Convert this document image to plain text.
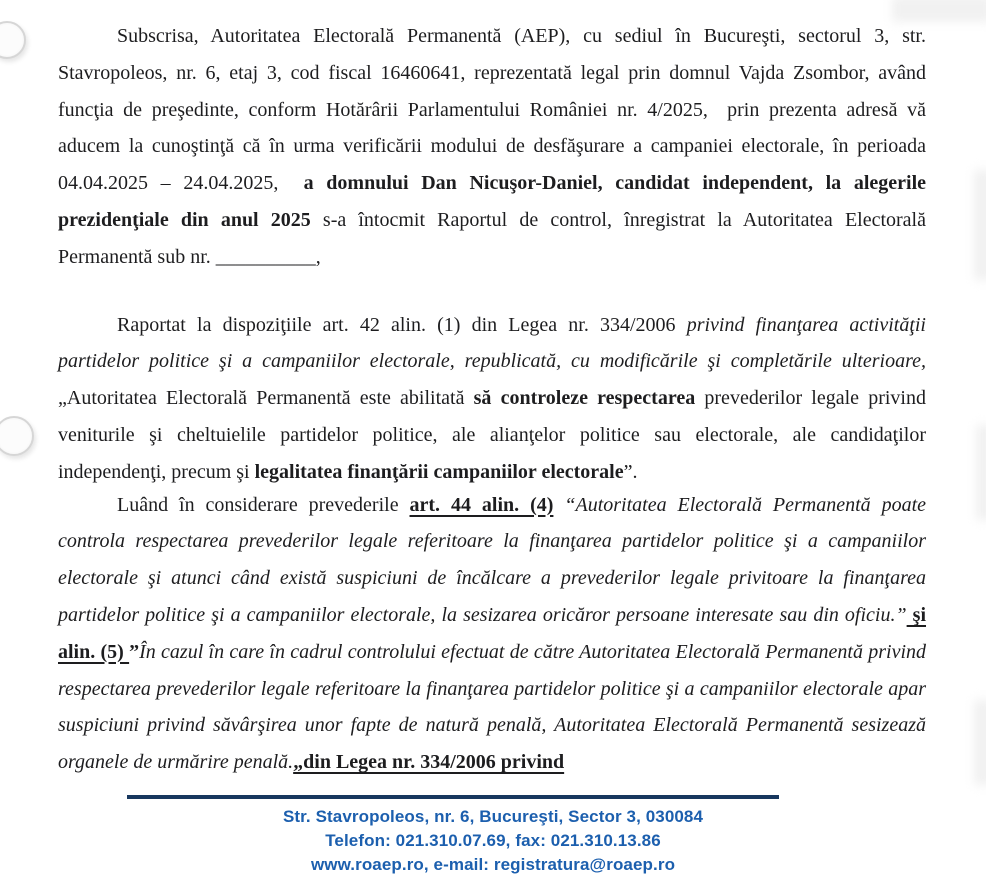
Subscrisa, Autoritatea Electorală Permanentă (AEP), cu sediul în Bucureşti, sectorul 3, str. Stavropoleos, nr. 6, etaj 3, cod fiscal 16460641, reprezentată legal prin domnul Vajda Zsombor, având funcţia de preşedinte, conform Hotărârii Parlamentului României nr. 4/2025,  prin prezenta adresă vă aducem la cunoştinţă că în urma verificării modului de desfăşurare a campaniei electorale, în perioada 04.04.2025 – 24.04.2025,  a domnului Dan Nicuşor-Daniel, candidat independent, la alegerile prezidenţiale din anul 2025 s-a întocmit Raportul de control, înregistrat la Autoritatea Electorală Permanentă sub nr. __________,

Raportat la dispoziţiile art. 42 alin. (1) din Legea nr. 334/2006 privind finanţarea activităţii partidelor politice şi a campaniilor electorale, republicată, cu modificările şi completările ulterioare, „Autoritatea Electorală Permanentă este abilitată să controleze respectarea prevederilor legale privind veniturile şi cheltuielile partidelor politice, ale alianţelor politice sau electorale, ale candidaţilor independenţi, precum şi legalitatea finanţării campaniilor electorale”.

Luând în considerare prevederile art. 44 alin. (4) “Autoritatea Electorală Permanentă poate controla respectarea prevederilor legale referitoare la finanţarea partidelor politice şi a campaniilor electorale şi atunci când există suspiciuni de încălcare a prevederilor legale privitoare la finanţarea partidelor politice şi a campaniilor electorale, la sesizarea oricăror persoane interesate sau din oficiu.” şi alin. (5) ”În cazul în care în cadrul controlului efectuat de către Autoritatea Electorală Permanentă privind respectarea prevederilor legale referitoare la finanţarea partidelor politice şi a campaniilor electorale apar suspiciuni privind săvârşirea unor fapte de natură penală, Autoritatea Electorală Permanentă sesizează organele de urmărire penală.„din Legea nr. 334/2006 privind

Str. Stavropoleos, nr. 6, Bucureşti, Sector 3, 030084
Telefon: 021.310.07.69, fax: 021.310.13.86
www.roaep.ro, e-mail: registratura@roaep.ro
